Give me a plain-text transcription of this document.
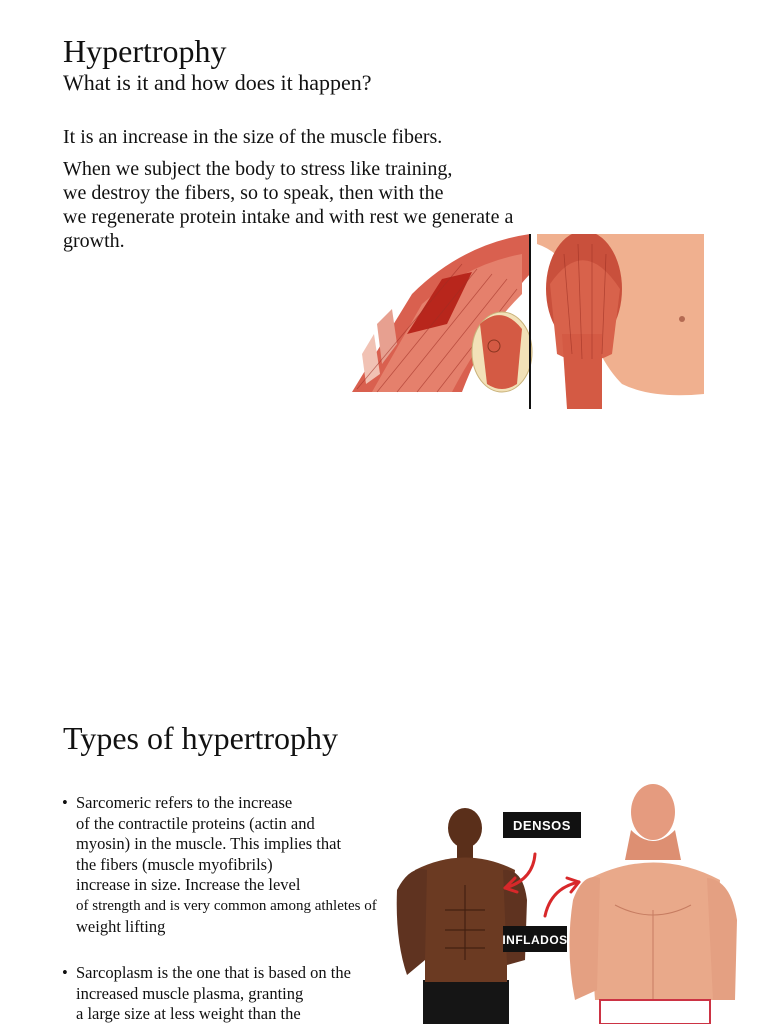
Hypertrophy
What is it and how does it happen?
It is an increase in the size of the muscle fibers.
When we subject the body to stress like training,
we destroy the fibers, so to speak, then with the
we regenerate protein intake and with rest we generate a
growth.
Types of hypertrophy
• Sarcomeric refers to the increase
of the contractile proteins (actin and
myosin) in the muscle. This implies that
the fibers (muscle myofibrils)
increase in size. Increase the level
of strength and is very common among athletes of
weight lifting
• Sarcoplasm is the one that is based on the
increased muscle plasma, granting
a large size at less weight than the
DENSOS
INFLADOS
